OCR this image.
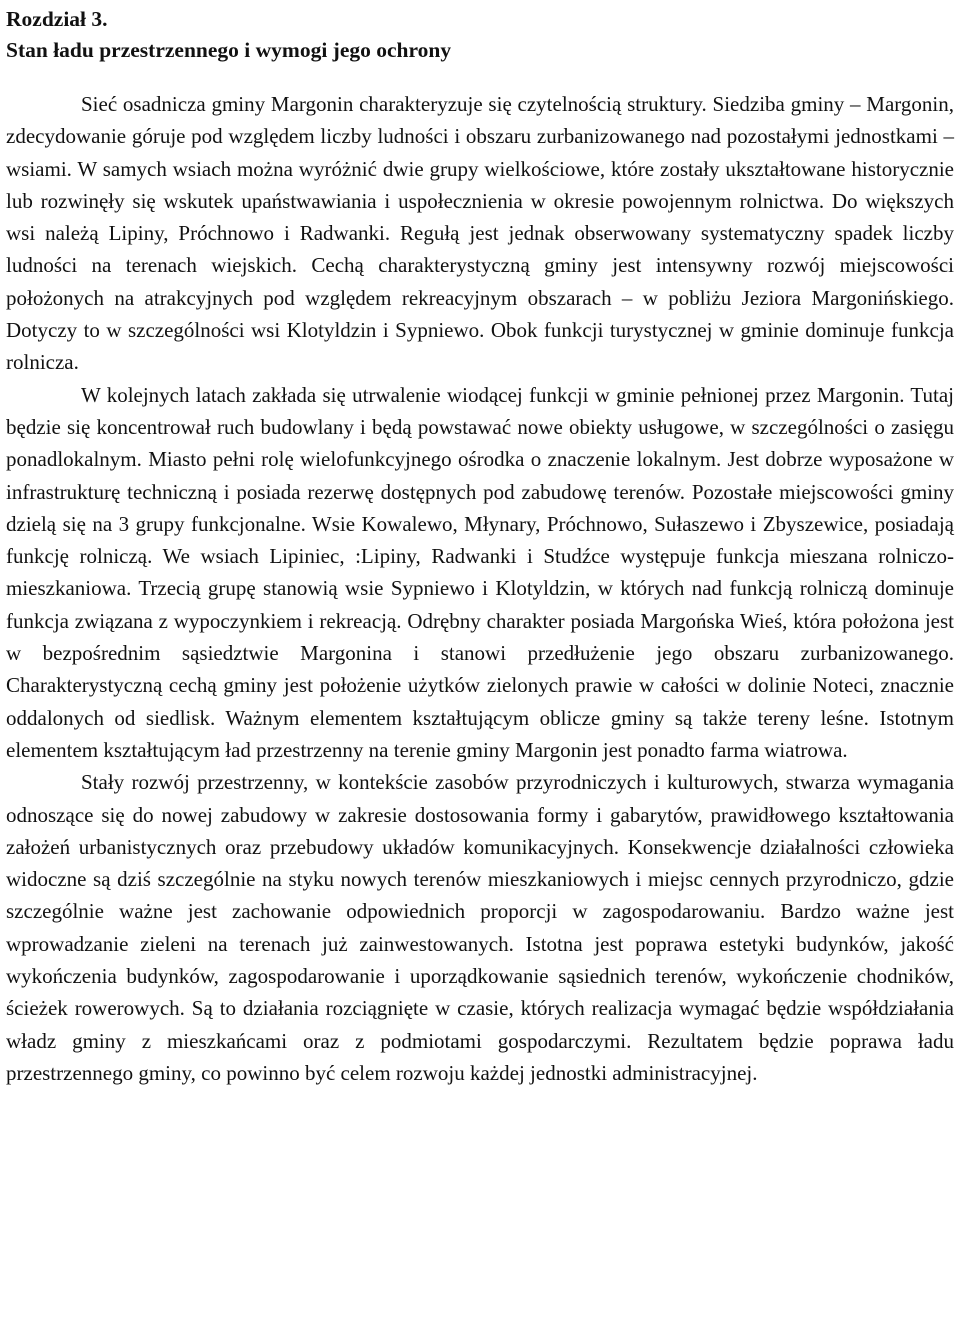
Rozdział 3.
Stan ładu przestrzennego i wymogi jego ochrony

Sieć osadnicza gminy Margonin charakteryzuje się czytelnością struktury. Siedziba gminy – Margonin, zdecydowanie góruje pod względem liczby ludności i obszaru zurbanizowanego nad pozostałymi jednostkami – wsiami. W samych wsiach można wyróżnić dwie grupy wielkościowe, które zostały ukształtowane historycznie lub rozwinęły się wskutek upaństwawiania i uspołecznienia w okresie powojennym rolnictwa. Do większych wsi należą Lipiny, Próchnowo i Radwanki. Regułą jest jednak obserwowany systematyczny spadek liczby ludności na terenach wiejskich. Cechą charakterystyczną gminy jest intensywny rozwój miejscowości położonych na atrakcyjnych pod względem rekreacyjnym obszarach – w pobliżu Jeziora Margonińskiego. Dotyczy to w szczególności wsi Klotyldzin i Sypniewo. Obok funkcji turystycznej w gminie dominuje funkcja rolnicza.

W kolejnych latach zakłada się utrwalenie wiodącej funkcji w gminie pełnionej przez Margonin. Tutaj będzie się koncentrował ruch budowlany i będą powstawać nowe obiekty usługowe, w szczególności o zasięgu ponadlokalnym. Miasto pełni rolę wielofunkcyjnego ośrodka o znaczenie lokalnym. Jest dobrze wyposażone w infrastrukturę techniczną i posiada rezerwę dostępnych pod zabudowę terenów. Pozostałe miejscowości gminy dzielą się na 3 grupy funkcjonalne. Wsie Kowalewo, Młynary, Próchnowo, Sułaszewo i Zbyszewice, posiadają funkcję rolniczą. We wsiach Lipiniec, :Lipiny, Radwanki i Studźce występuje funkcja mieszana rolniczo-mieszkaniowa. Trzecią grupę stanowią wsie Sypniewo i Klotyldzin, w których nad funkcją rolniczą dominuje funkcja związana z wypoczynkiem i rekreacją. Odrębny charakter posiada Margońska Wieś, która położona jest w bezpośrednim sąsiedztwie Margonina i stanowi przedłużenie jego obszaru zurbanizowanego. Charakterystyczną cechą gminy jest położenie użytków zielonych prawie w całości w dolinie Noteci, znacznie oddalonych od siedlisk. Ważnym elementem kształtującym oblicze gminy są także tereny leśne. Istotnym elementem kształtującym ład przestrzenny na terenie gminy Margonin jest ponadto farma wiatrowa.

Stały rozwój przestrzenny, w kontekście zasobów przyrodniczych i kulturowych, stwarza wymagania odnoszące się do nowej zabudowy w zakresie dostosowania formy i gabarytów, prawidłowego kształtowania założeń urbanistycznych oraz przebudowy układów komunikacyjnych. Konsekwencje działalności człowieka widoczne są dziś szczególnie na styku nowych terenów mieszkaniowych i miejsc cennych przyrodniczo, gdzie szczególnie ważne jest zachowanie odpowiednich proporcji w zagospodarowaniu. Bardzo ważne jest wprowadzanie zieleni na terenach już zainwestowanych. Istotna jest poprawa estetyki budynków, jakość wykończenia budynków, zagospodarowanie i uporządkowanie sąsiednich terenów, wykończenie chodników, ścieżek rowerowych. Są to działania rozciągnięte w czasie, których realizacja wymagać będzie współdziałania władz gminy z mieszkańcami oraz z podmiotami gospodarczymi. Rezultatem będzie poprawa ładu przestrzennego gminy, co powinno być celem rozwoju każdej jednostki administracyjnej.
